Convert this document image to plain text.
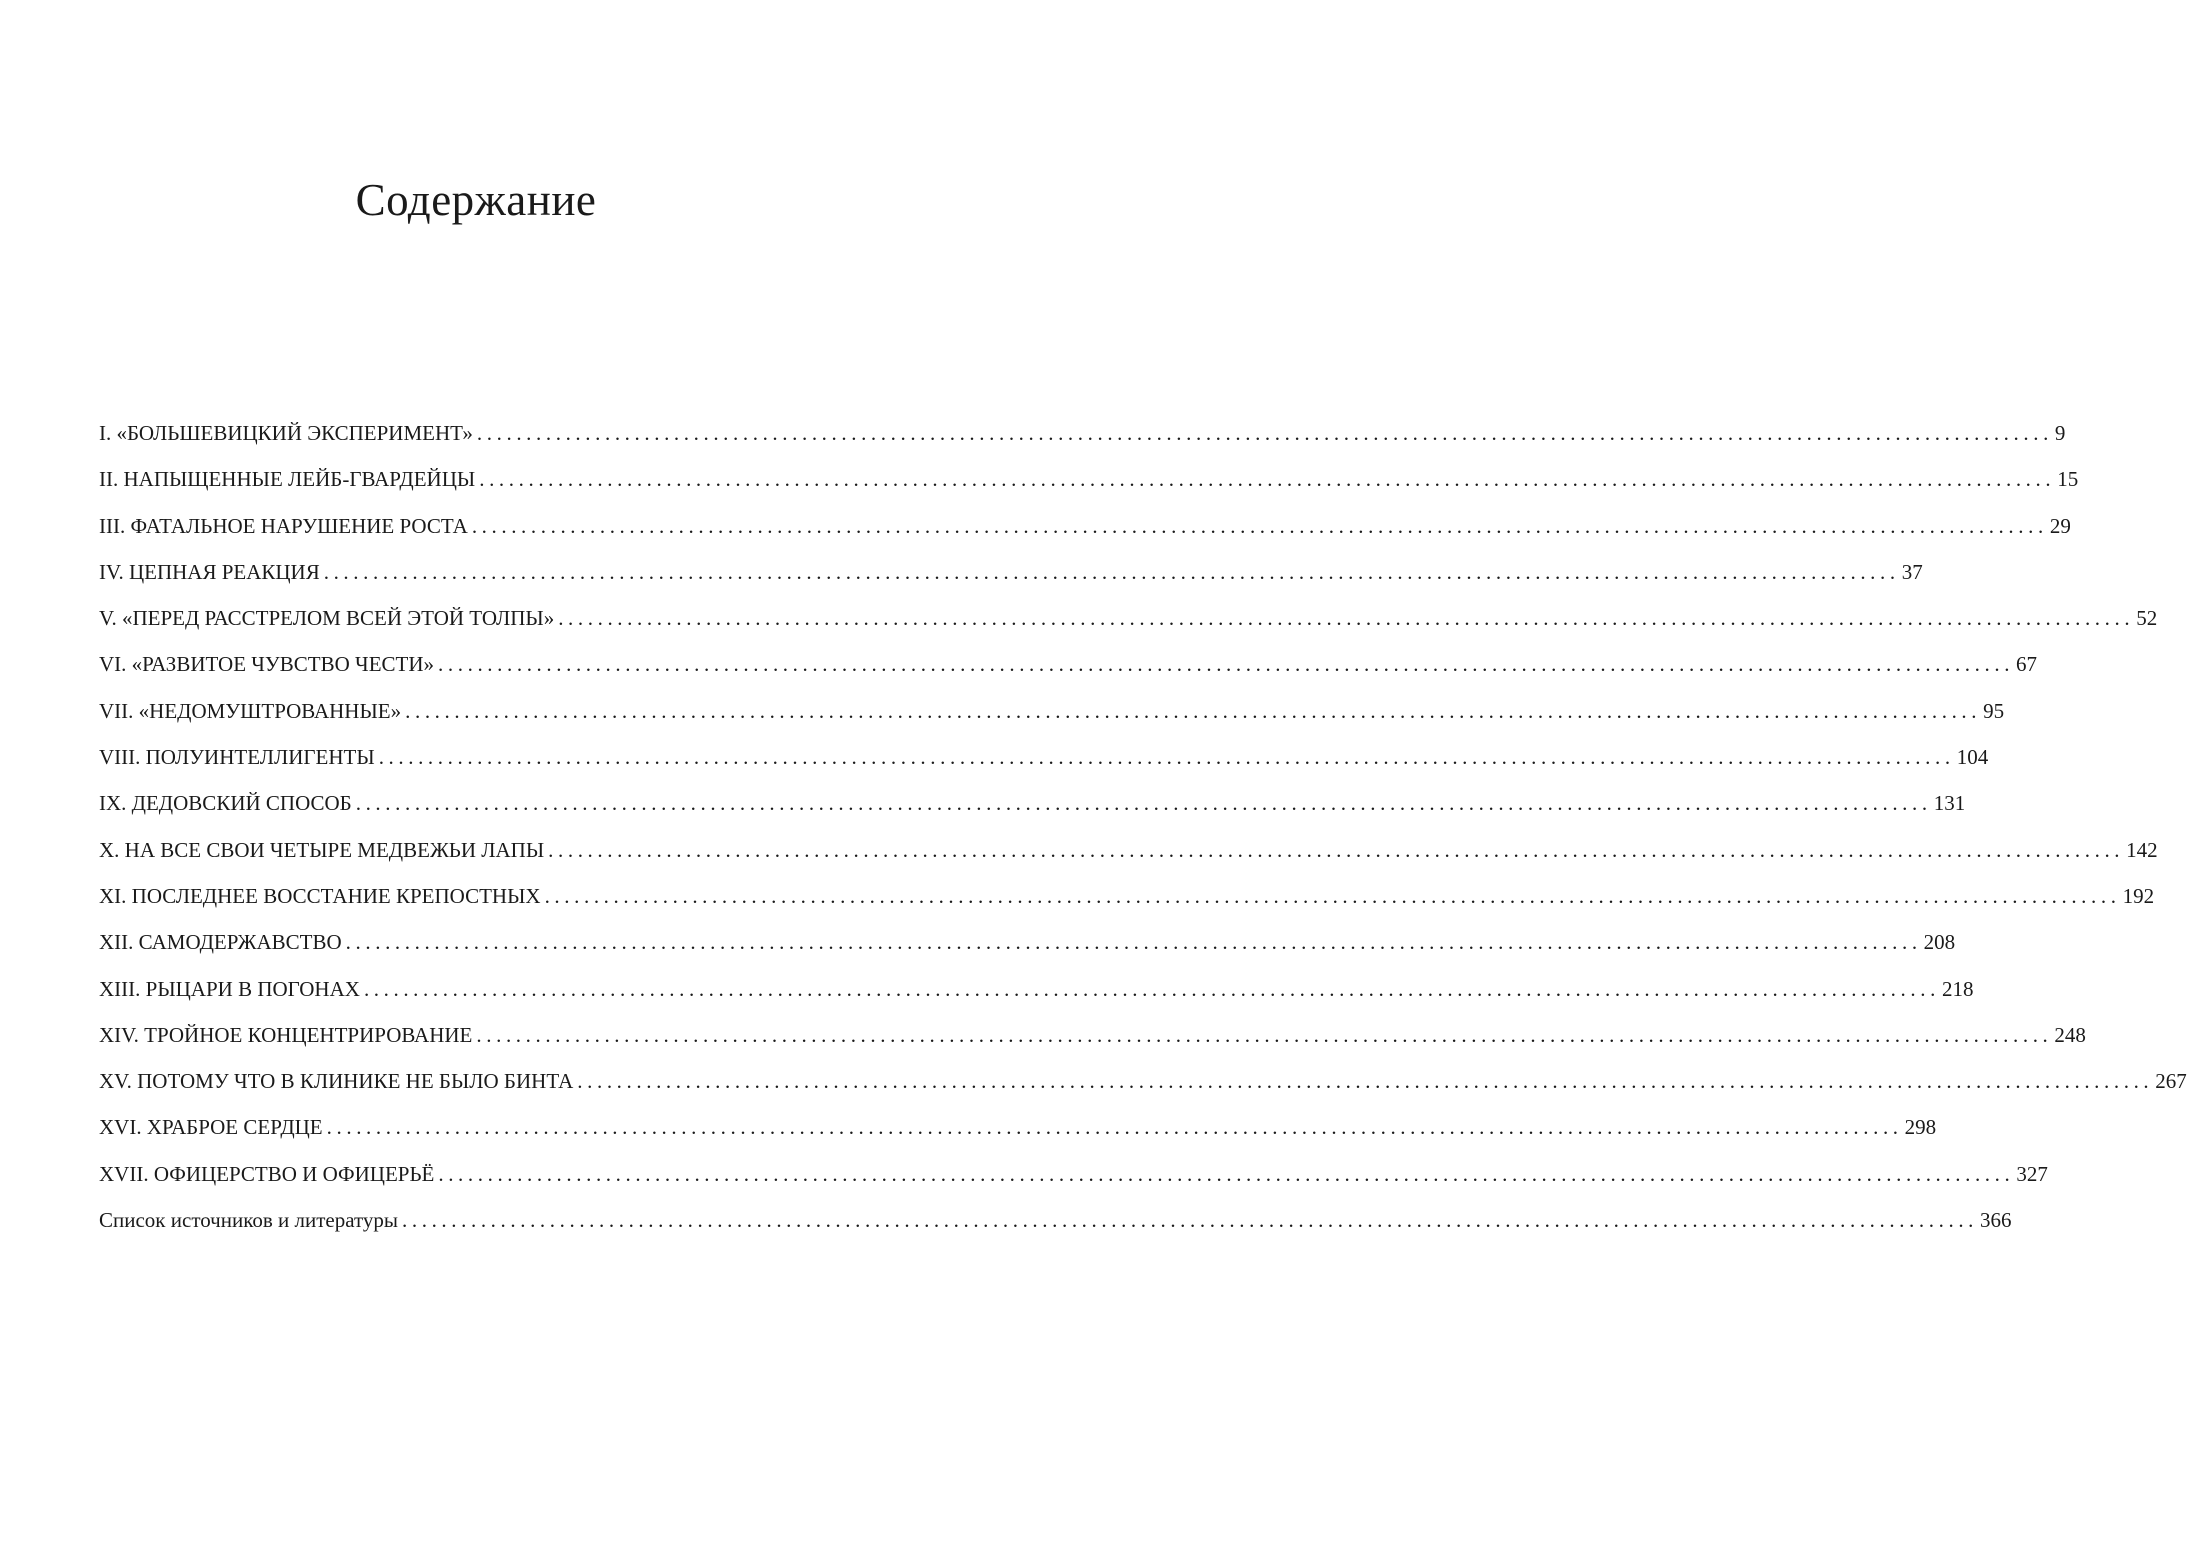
Содержание
I. «БОЛЬШЕВИЦКИЙ ЭКСПЕРИМЕНТ» ................................................................................................................................................................ 9
II. НАПЫЩЕННЫЕ ЛЕЙБ-ГВАРДЕЙЦЫ ................................................................................................................................................................ 15
III. ФАТАЛЬНОЕ НАРУШЕНИЕ РОСТА ................................................................................................................................................................ 29
IV. ЦЕПНАЯ РЕАКЦИЯ ................................................................................................................................................................ 37
V. «ПЕРЕД РАССТРЕЛОМ ВСЕЙ ЭТОЙ ТОЛПЫ» ................................................................................................................................................................ 52
VI. «РАЗВИТОЕ ЧУВСТВО ЧЕСТИ» ................................................................................................................................................................ 67
VII. «НЕДОМУШТРОВАННЫЕ» ................................................................................................................................................................ 95
VIII. ПОЛУИНТЕЛЛИГЕНТЫ ................................................................................................................................................................ 104
IX. ДЕДОВСКИЙ СПОСОБ ................................................................................................................................................................ 131
X. НА ВСЕ СВОИ ЧЕТЫРЕ МЕДВЕЖЬИ ЛАПЫ ................................................................................................................................................................ 142
XI. ПОСЛЕДНЕЕ ВОССТАНИЕ КРЕПОСТНЫХ ................................................................................................................................................................ 192
XII. САМОДЕРЖАВСТВО ................................................................................................................................................................ 208
XIII. РЫЦАРИ В ПОГОНАХ ................................................................................................................................................................ 218
XIV. ТРОЙНОЕ КОНЦЕНТРИРОВАНИЕ ................................................................................................................................................................ 248
XV. ПОТОМУ ЧТО В КЛИНИКЕ НЕ БЫЛО БИНТА ................................................................................................................................................................ 267
XVI. ХРАБРОЕ СЕРДЦЕ ................................................................................................................................................................ 298
XVII. ОФИЦЕРСТВО И ОФИЦЕРЬЁ ................................................................................................................................................................ 327
Список источников и литературы ................................................................................................................................................................ 366
